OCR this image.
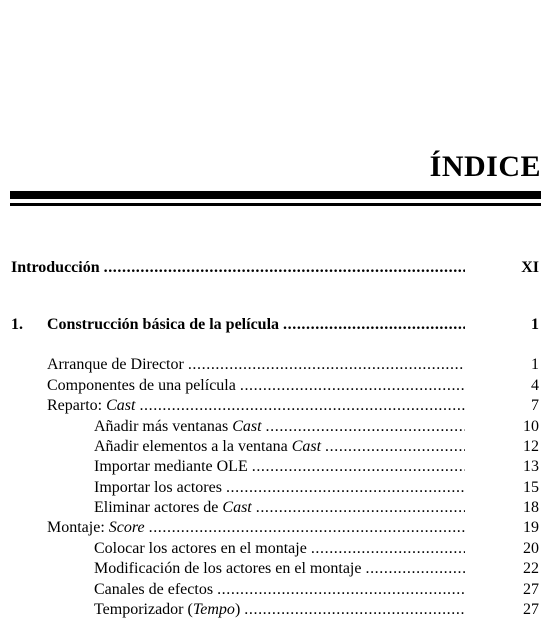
ÍNDICE
Introducción .....	XI
1. Construcción básica de la película .....	1
Arranque de Director .....	1
Componentes de una película .....	4
Reparto: Cast .....	7
Añadir más ventanas Cast .....	10
Añadir elementos a la ventana Cast .....	12
Importar mediante OLE .....	13
Importar los actores .....	15
Eliminar actores de Cast .....	18
Montaje: Score .....	19
Colocar los actores en el montaje .....	20
Modificación de los actores en el montaje .....	22
Canales de efectos .....	27
Temporizador (Tempo) .....	27
